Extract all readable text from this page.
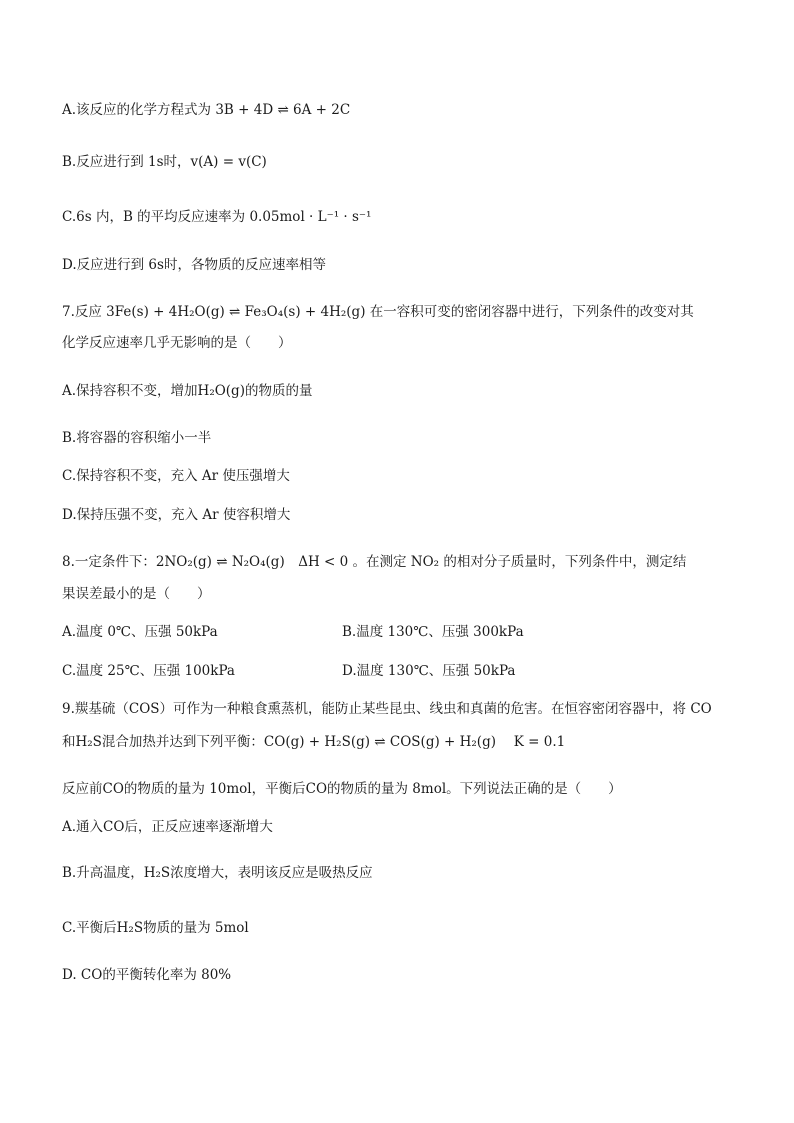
A.该反应的化学方程式为 3B + 4D ⇌ 6A + 2C
B.反应进行到 1s时，v(A) = v(C)
C.6s 内，B 的平均反应速率为 0.05mol · L⁻¹ · s⁻¹
D.反应进行到 6s时，各物质的反应速率相等
7.反应 3Fe(s) + 4H₂O(g) ⇌ Fe₃O₄(s) + 4H₂(g) 在一容积可变的密闭容器中进行，下列条件的改变对其
化学反应速率几乎无影响的是（　　）
A.保持容积不变，增加H₂O(g)的物质的量
B.将容器的容积缩小一半
C.保持容积不变，充入 Ar 使压强增大
D.保持压强不变，充入 Ar 使容积增大
8.一定条件下：2NO₂(g) ⇌ N₂O₄(g)　ΔH < 0 。在测定 NO₂ 的相对分子质量时，下列条件中，测定结
果误差最小的是（　　）
A.温度 0℃、压强 50kPa	B.温度 130℃、压强 300kPa
C.温度 25℃、压强 100kPa	D.温度 130℃、压强 50kPa
9.羰基硫（COS）可作为一种粮食熏蒸机，能防止某些昆虫、线虫和真菌的危害。在恒容密闭容器中，将 CO
和H₂S混合加热并达到下列平衡：CO(g) + H₂S(g) ⇌ COS(g) + H₂(g)　 K = 0.1
反应前CO的物质的量为 10mol，平衡后CO的物质的量为 8mol。下列说法正确的是（　　）
A.通入CO后，正反应速率逐渐增大
B.升高温度，H₂S浓度增大，表明该反应是吸热反应
C.平衡后H₂S物质的量为 5mol
D. CO的平衡转化率为 80%
